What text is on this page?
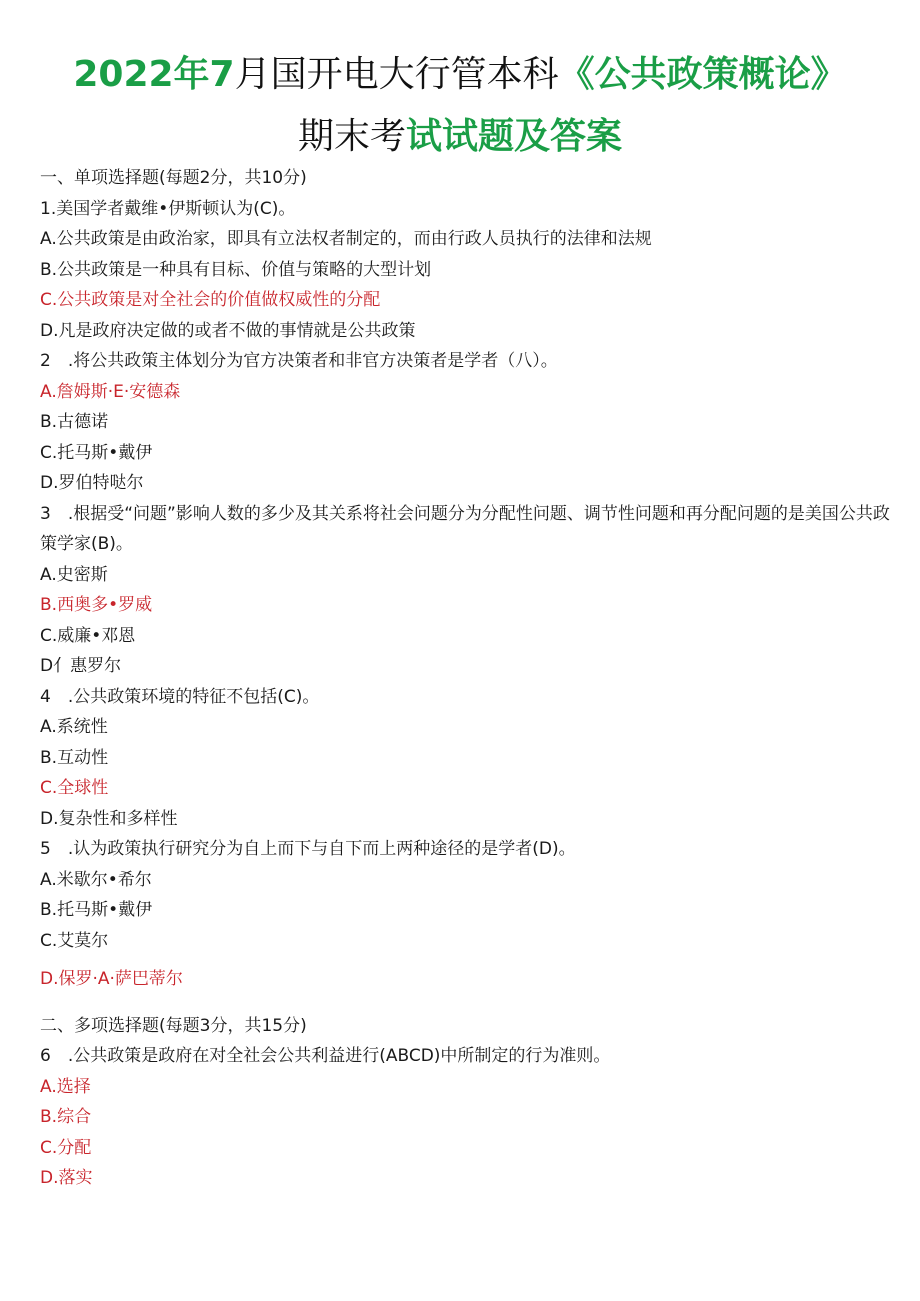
2022年7月国开电大行管本科《公共政策概论》
期末考试试题及答案
一、单项选择题(每题2分，共10分)
1.美国学者戴维•伊斯顿认为(C)。
A.公共政策是由政治家，即具有立法权者制定的，而由行政人员执行的法律和法规
B.公共政策是一种具有目标、价值与策略的大型计划
C.公共政策是对全社会的价值做权威性的分配
D.凡是政府决定做的或者不做的事情就是公共政策
2　.将公共政策主体划分为官方决策者和非官方决策者是学者（八）。
A.詹姆斯·E·安德森
B.古德诺
C.托马斯•戴伊
D.罗伯特哒尔
3　.根据受“问题”影响人数的多少及其关系将社会问题分为分配性问题、调节性问题和再分配问题的是美国公共政策学家(B)。
A.史密斯
B.西奥多•罗威
C.威廉•邓恩
D亻惠罗尔
4　.公共政策环境的特征不包括(C)。
A.系统性
B.互动性
C.全球性
D.复杂性和多样性
5　.认为政策执行研究分为自上而下与自下而上两种途径的是学者(D)。
A.米歇尔•希尔
B.托马斯•戴伊
C.艾莫尔
D.保罗·A·萨巴蒂尔
二、多项选择题(每题3分，共15分)
6　.公共政策是政府在对全社会公共利益进行(ABCD)中所制定的行为准则。
A.选择
B.综合
C.分配
D.落实
